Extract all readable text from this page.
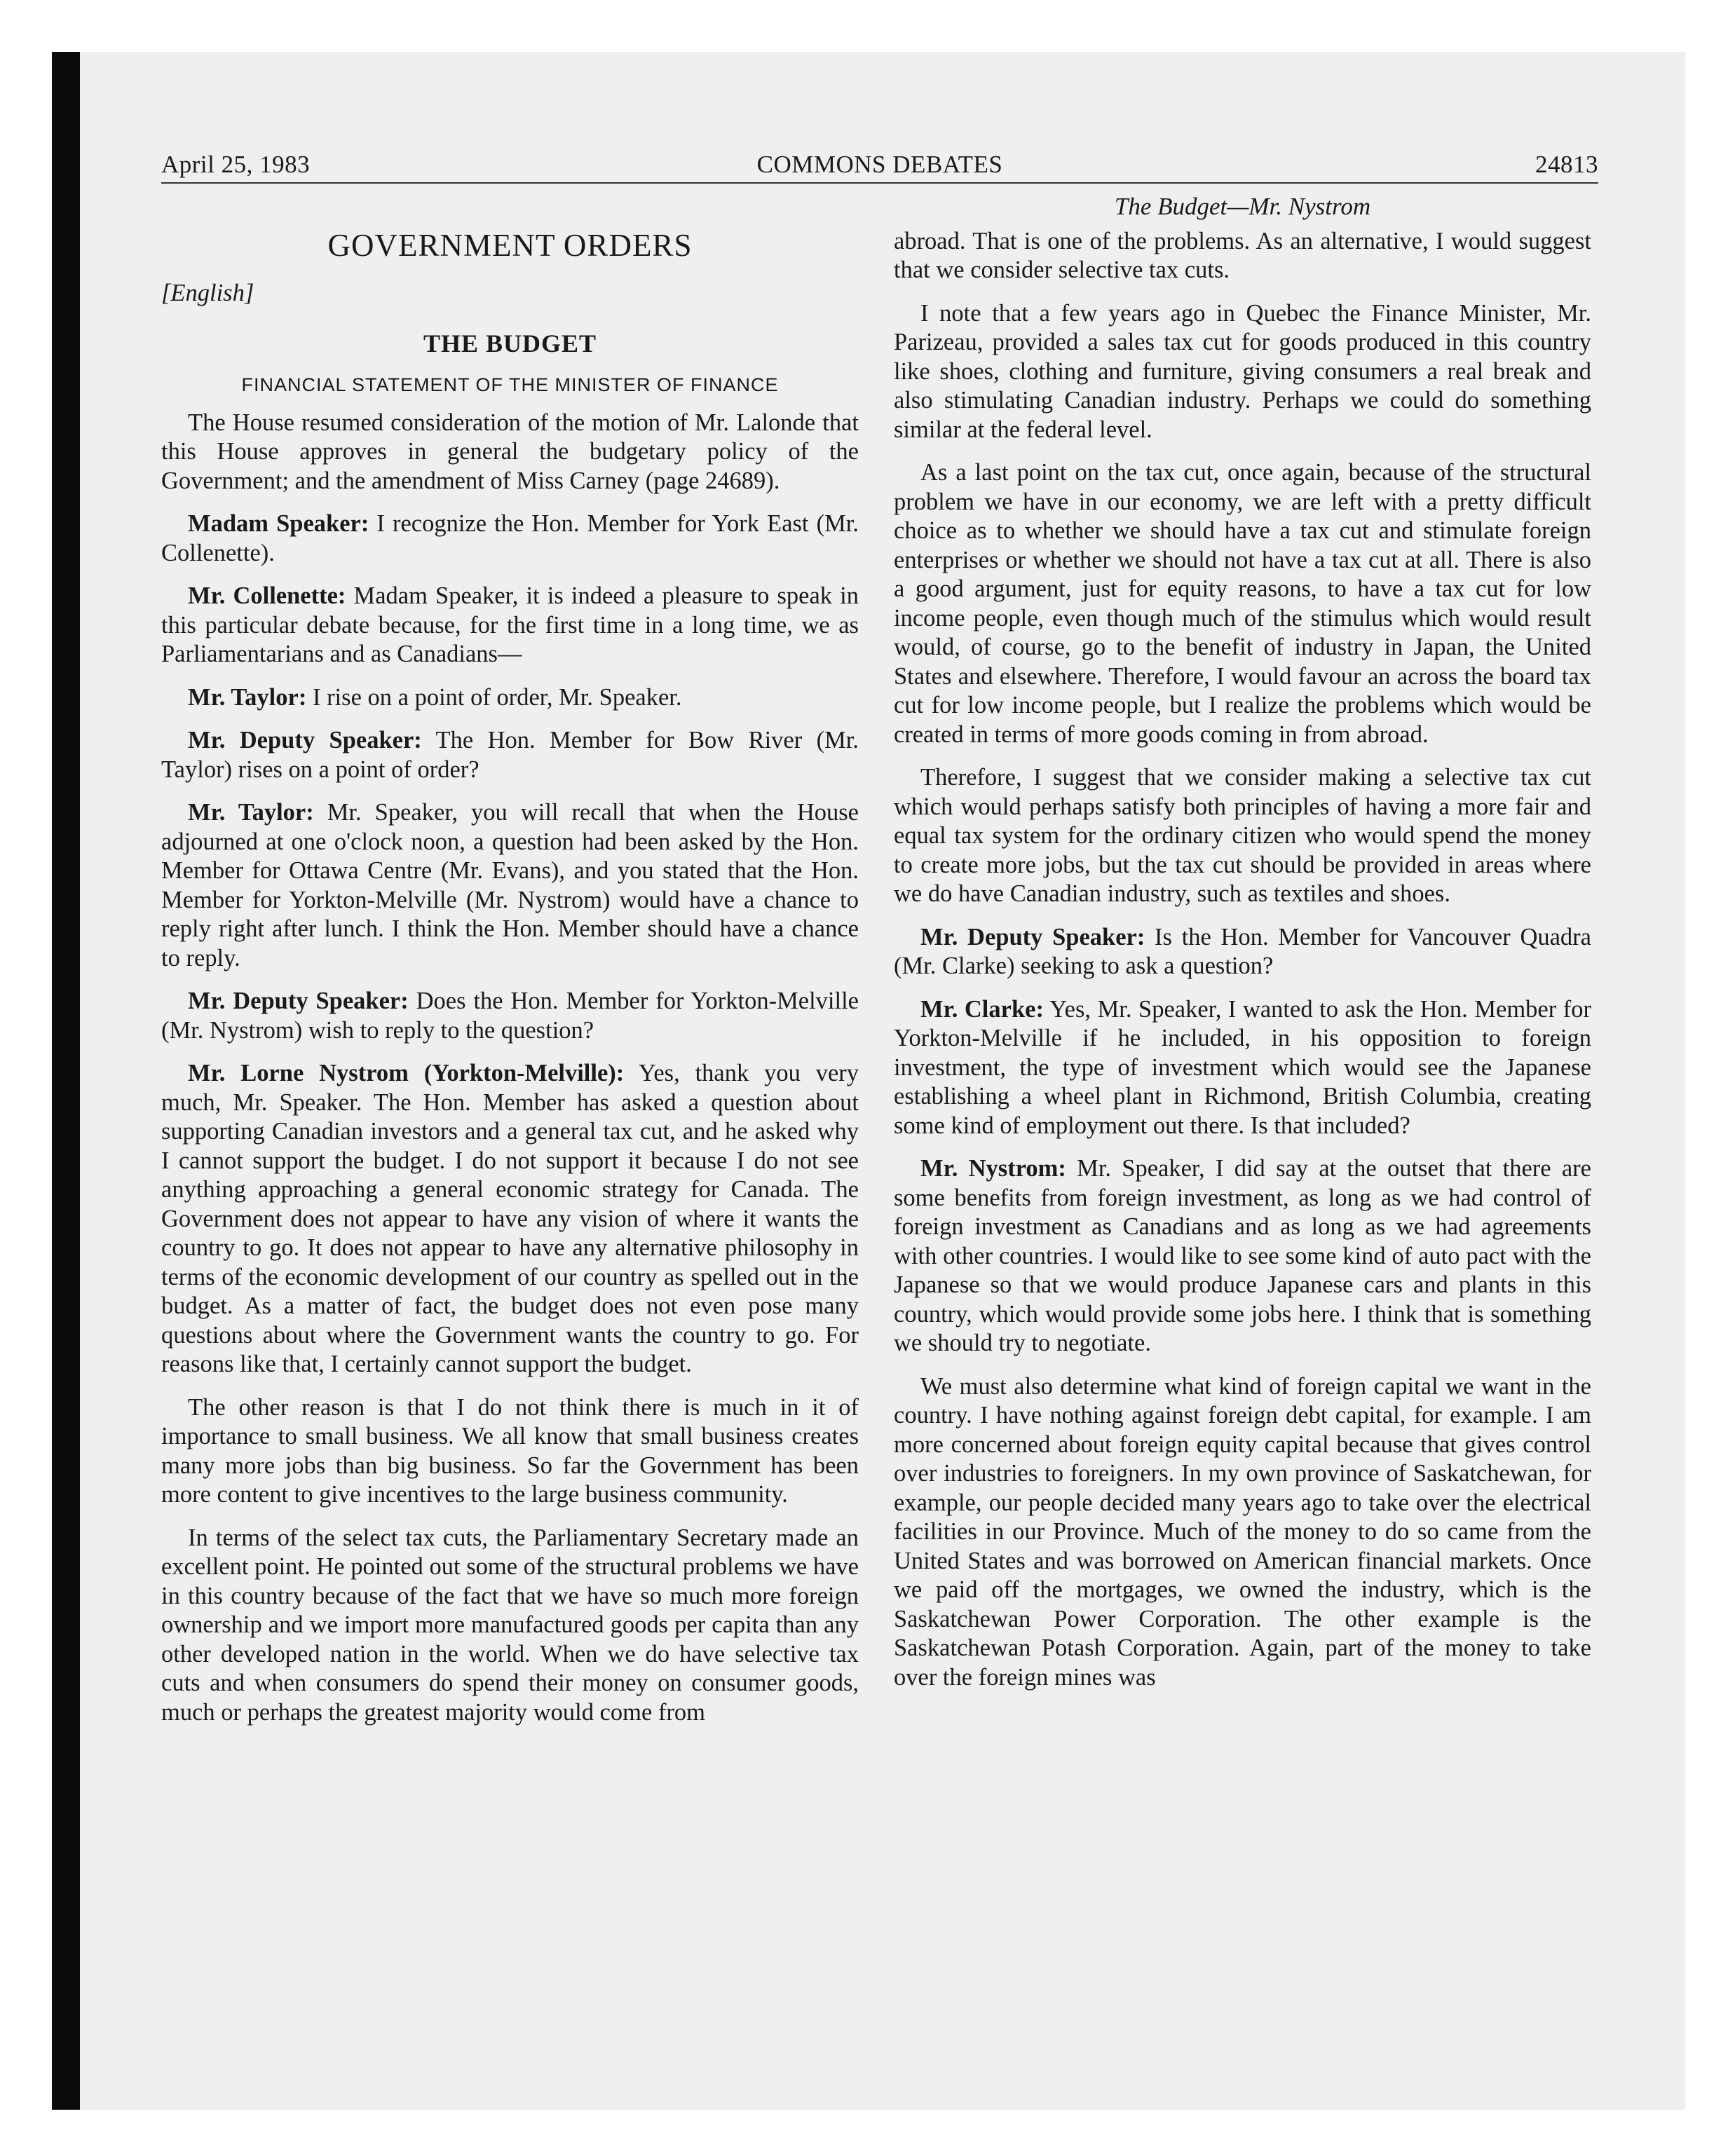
April 25, 1983	COMMONS DEBATES	24813
GOVERNMENT ORDERS
[English]
THE BUDGET
FINANCIAL STATEMENT OF THE MINISTER OF FINANCE

The House resumed consideration of the motion of Mr. Lalonde that this House approves in general the budgetary policy of the Government; and the amendment of Miss Carney (page 24689).

Madam Speaker: I recognize the Hon. Member for York East (Mr. Collenette).

Mr. Collenette: Madam Speaker, it is indeed a pleasure to speak in this particular debate because, for the first time in a long time, we as Parliamentarians and as Canadians—

Mr. Taylor: I rise on a point of order, Mr. Speaker.

Mr. Deputy Speaker: The Hon. Member for Bow River (Mr. Taylor) rises on a point of order?

Mr. Taylor: Mr. Speaker, you will recall that when the House adjourned at one o'clock noon, a question had been asked by the Hon. Member for Ottawa Centre (Mr. Evans), and you stated that the Hon. Member for Yorkton-Melville (Mr. Nystrom) would have a chance to reply right after lunch. I think the Hon. Member should have a chance to reply.

Mr. Deputy Speaker: Does the Hon. Member for Yorkton-Melville (Mr. Nystrom) wish to reply to the question?

Mr. Lorne Nystrom (Yorkton-Melville): Yes, thank you very much, Mr. Speaker. The Hon. Member has asked a question about supporting Canadian investors and a general tax cut, and he asked why I cannot support the budget. I do not support it because I do not see anything approaching a general economic strategy for Canada. The Government does not appear to have any vision of where it wants the country to go. It does not appear to have any alternative philosophy in terms of the economic development of our country as spelled out in the budget. As a matter of fact, the budget does not even pose many questions about where the Government wants the country to go. For reasons like that, I certainly cannot support the budget.

The other reason is that I do not think there is much in it of importance to small business. We all know that small business creates many more jobs than big business. So far the Government has been more content to give incentives to the large business community.

In terms of the select tax cuts, the Parliamentary Secretary made an excellent point. He pointed out some of the structural problems we have in this country because of the fact that we have so much more foreign ownership and we import more manufactured goods per capita than any other developed nation in the world. When we do have selective tax cuts and when consumers do spend their money on consumer goods, much or perhaps the greatest majority would come from

The Budget—Mr. Nystrom

abroad. That is one of the problems. As an alternative, I would suggest that we consider selective tax cuts.

I note that a few years ago in Quebec the Finance Minister, Mr. Parizeau, provided a sales tax cut for goods produced in this country like shoes, clothing and furniture, giving consumers a real break and also stimulating Canadian industry. Perhaps we could do something similar at the federal level.

As a last point on the tax cut, once again, because of the structural problem we have in our economy, we are left with a pretty difficult choice as to whether we should have a tax cut and stimulate foreign enterprises or whether we should not have a tax cut at all. There is also a good argument, just for equity reasons, to have a tax cut for low income people, even though much of the stimulus which would result would, of course, go to the benefit of industry in Japan, the United States and elsewhere. Therefore, I would favour an across the board tax cut for low income people, but I realize the problems which would be created in terms of more goods coming in from abroad.

Therefore, I suggest that we consider making a selective tax cut which would perhaps satisfy both principles of having a more fair and equal tax system for the ordinary citizen who would spend the money to create more jobs, but the tax cut should be provided in areas where we do have Canadian industry, such as textiles and shoes.

Mr. Deputy Speaker: Is the Hon. Member for Vancouver Quadra (Mr. Clarke) seeking to ask a question?

Mr. Clarke: Yes, Mr. Speaker, I wanted to ask the Hon. Member for Yorkton-Melville if he included, in his opposition to foreign investment, the type of investment which would see the Japanese establishing a wheel plant in Richmond, British Columbia, creating some kind of employment out there. Is that included?

Mr. Nystrom: Mr. Speaker, I did say at the outset that there are some benefits from foreign investment, as long as we had control of foreign investment as Canadians and as long as we had agreements with other countries. I would like to see some kind of auto pact with the Japanese so that we would produce Japanese cars and plants in this country, which would provide some jobs here. I think that is something we should try to negotiate.

We must also determine what kind of foreign capital we want in the country. I have nothing against foreign debt capital, for example. I am more concerned about foreign equity capital because that gives control over industries to foreigners. In my own province of Saskatchewan, for example, our people decided many years ago to take over the electrical facilities in our Province. Much of the money to do so came from the United States and was borrowed on American financial markets. Once we paid off the mortgages, we owned the industry, which is the Saskatchewan Power Corporation. The other example is the Saskatchewan Potash Corporation. Again, part of the money to take over the foreign mines was
